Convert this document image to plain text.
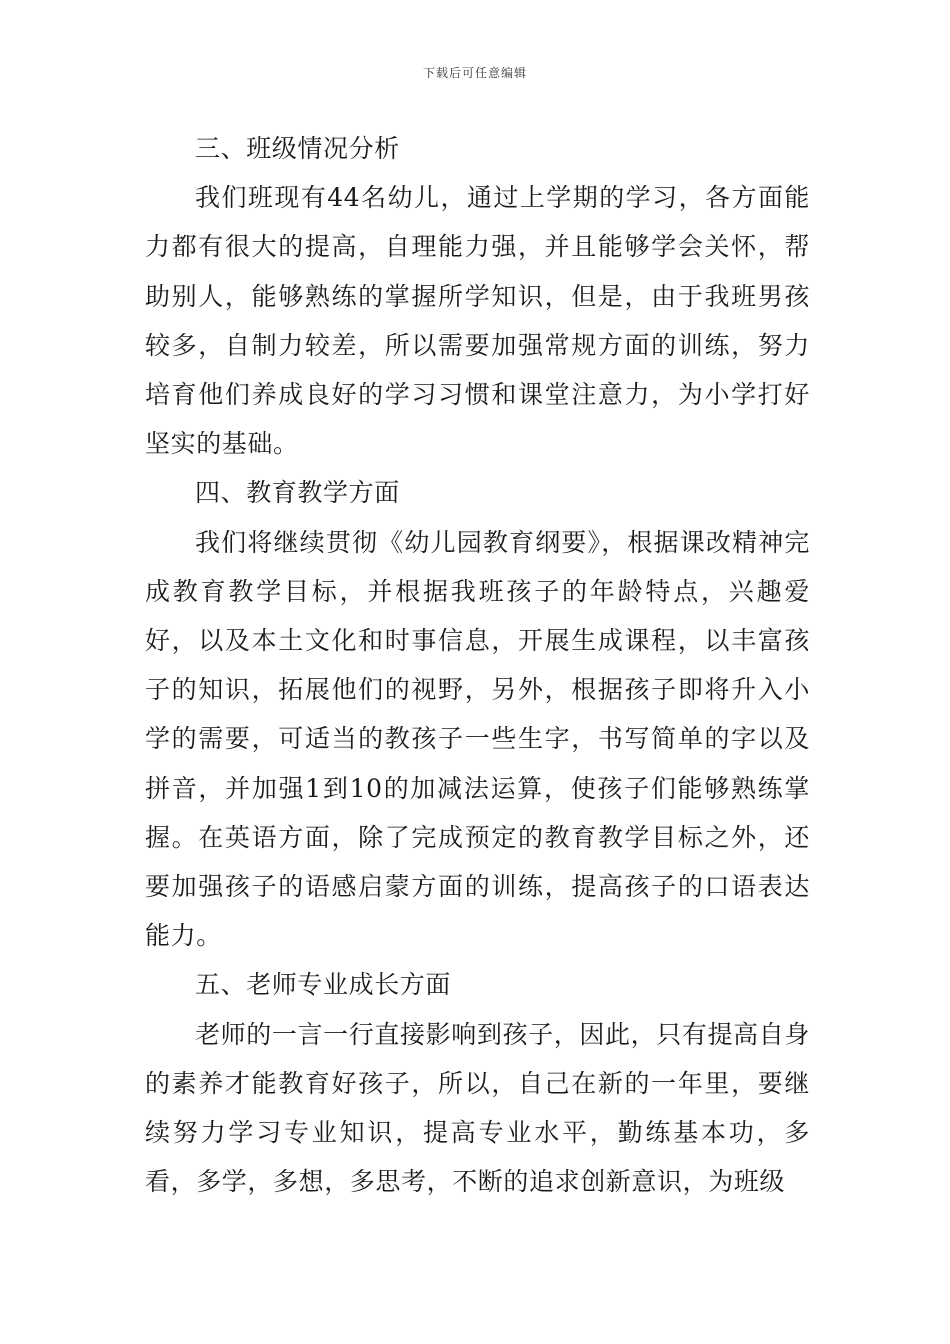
下载后可任意编辑

三、班级情况分析

我们班现有44名幼儿，通过上学期的学习，各方面能力都有很大的提高，自理能力强，并且能够学会关怀，帮助别人，能够熟练的掌握所学知识，但是，由于我班男孩较多，自制力较差，所以需要加强常规方面的训练，努力培育他们养成良好的学习习惯和课堂注意力，为小学打好坚实的基础。

四、教育教学方面

我们将继续贯彻《幼儿园教育纲要》，根据课改精神完成教育教学目标，并根据我班孩子的年龄特点，兴趣爱好，以及本土文化和时事信息，开展生成课程，以丰富孩子的知识，拓展他们的视野，另外，根据孩子即将升入小学的需要，可适当的教孩子一些生字，书写简单的字以及拼音，并加强1到10的加减法运算，使孩子们能够熟练掌握。在英语方面，除了完成预定的教育教学目标之外，还要加强孩子的语感启蒙方面的训练，提高孩子的口语表达能力。

五、老师专业成长方面

老师的一言一行直接影响到孩子，因此，只有提高自身的素养才能教育好孩子，所以，自己在新的一年里，要继续努力学习专业知识，提高专业水平，勤练基本功，多看，多学，多想，多思考，不断的追求创新意识，为班级
